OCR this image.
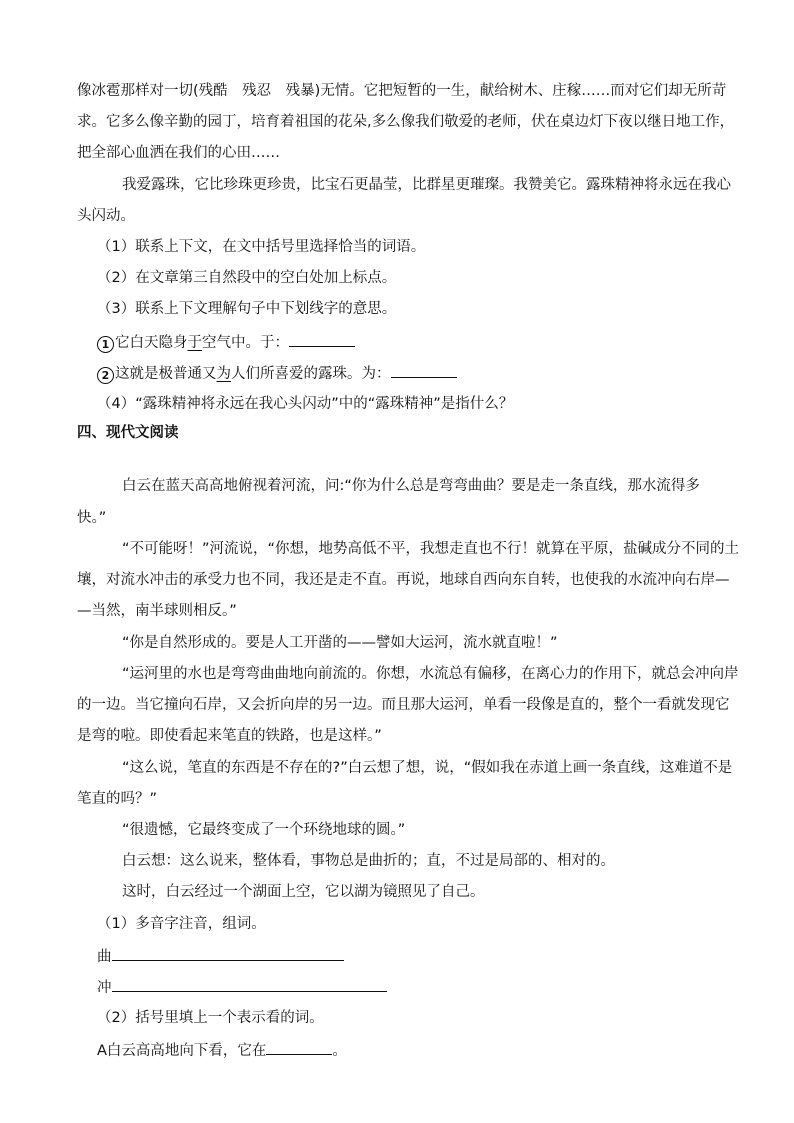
像冰雹那样对一切(残酷　残忍　残暴)无情。它把短暂的一生，献给树木、庄稼……而对它们却无所苛
求。它多么像辛勤的园丁，培育着祖国的花朵,多么像我们敬爱的老师，伏在桌边灯下夜以继日地工作，
把全部心血洒在我们的心田……
我爱露珠，它比珍珠更珍贵，比宝石更晶莹，比群星更璀璨。我赞美它。露珠精神将永远在我心
头闪动。
（1）联系上下文，在文中括号里选择恰当的词语。
（2）在文章第三自然段中的空白处加上标点。
（3）联系上下文理解句子中下划线字的意思。
1 它白天隐身于空气中。于：
2 这就是极普通又为人们所喜爱的露珠。为：
（4）“露珠精神将永远在我心头闪动”中的“露珠精神”是指什么？
四、现代文阅读
白云在蓝天高高地俯视着河流，问:“你为什么总是弯弯曲曲？要是走一条直线，那水流得多
快。”
“不可能呀！”河流说，“你想，地势高低不平，我想走直也不行！就算在平原，盐碱成分不同的土
壤，对流水冲击的承受力也不同，我还是走不直。再说，地球自西向东自转，也使我的水流冲向右岸—
—当然，南半球则相反。”
“你是自然形成的。要是人工开凿的——譬如大运河，流水就直啦！”
“运河里的水也是弯弯曲曲地向前流的。你想，水流总有偏移，在离心力的作用下，就总会冲向岸
的一边。当它撞向石岸，又会折向岸的另一边。而且那大运河，单看一段像是直的，整个一看就发现它
是弯的啦。即使看起来笔直的铁路，也是这样。”
“这么说，笔直的东西是不存在的?”白云想了想，说，“假如我在赤道上画一条直线，这难道不是
笔直的吗？”
“很遗憾，它最终变成了一个环绕地球的圆。”
白云想：这么说来，整体看，事物总是曲折的；直，不过是局部的、相对的。
这时，白云经过一个湖面上空，它以湖为镜照见了自己。
（1）多音字注音，组词。
曲
冲
（2）括号里填上一个表示看的词。
A白云高高地向下看，它在	。
